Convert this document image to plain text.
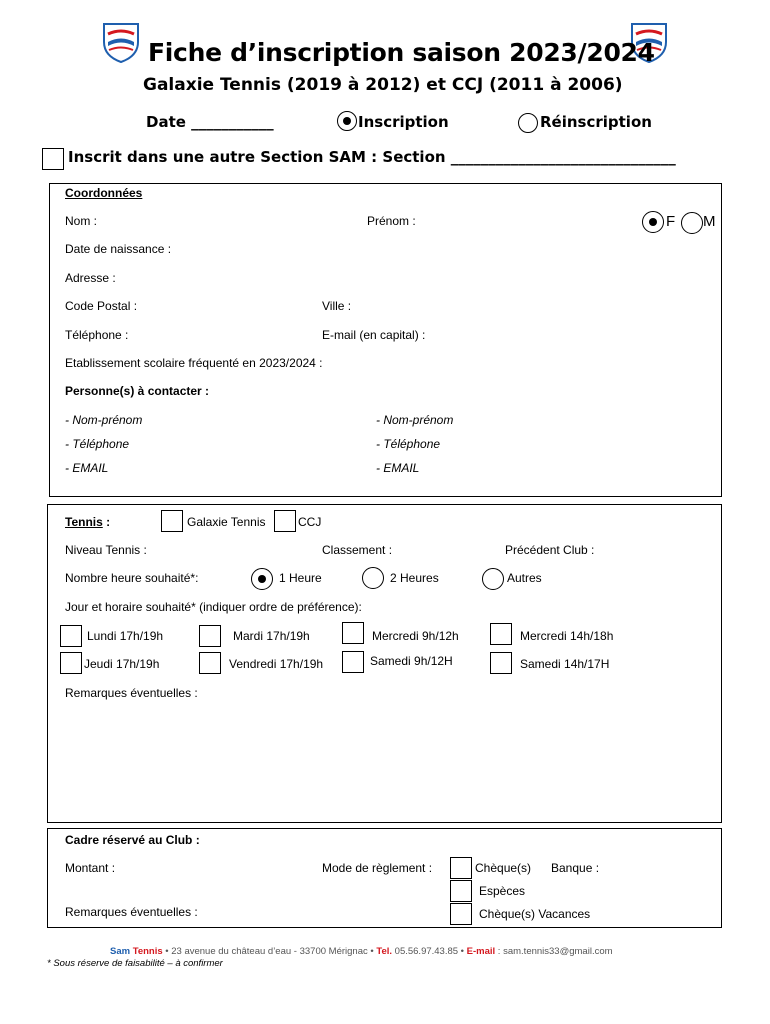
Fiche d’inscription saison 2023/2024
Galaxie Tennis (2019 à 2012) et CCJ (2011 à 2006)
Date ___________	Inscription	Réinscription
Inscrit dans une autre Section SAM : Section ______________________________
Coordonnées
Nom :	Prénom :	F M
Date de naissance :
Adresse :
Code Postal :	Ville :
Téléphone :	E-mail (en capital) :
Etablissement scolaire fréquenté en 2023/2024 :
Personne(s) à contacter :
- Nom-prénom
- Téléphone
- EMAIL
- Nom-prénom
- Téléphone
- EMAIL
Tennis :	Galaxie Tennis	CCJ
Niveau Tennis :	Classement :	Précédent Club :
Nombre heure souhaité*:	1 Heure	2 Heures	Autres
Jour et horaire souhaité* (indiquer ordre de préférence):
Lundi 17h/19h	Mardi 17h/19h	Mercredi 9h/12h	Mercredi 14h/18h
Jeudi 17h/19h	Vendredi 17h/19h	Samedi 9h/12H	Samedi 14h/17H
Remarques éventuelles :
Cadre réservé au Club :
Montant :	Mode de règlement :	Chèque(s) Banque :
Espèces
Chèque(s) Vacances
Remarques éventuelles :
Sam Tennis • 23 avenue du château d’eau - 33700 Mérignac • Tel. 05.56.97.43.85 • E-mail : sam.tennis33@gmail.com
* Sous réserve de faisabilité – à confirmer
